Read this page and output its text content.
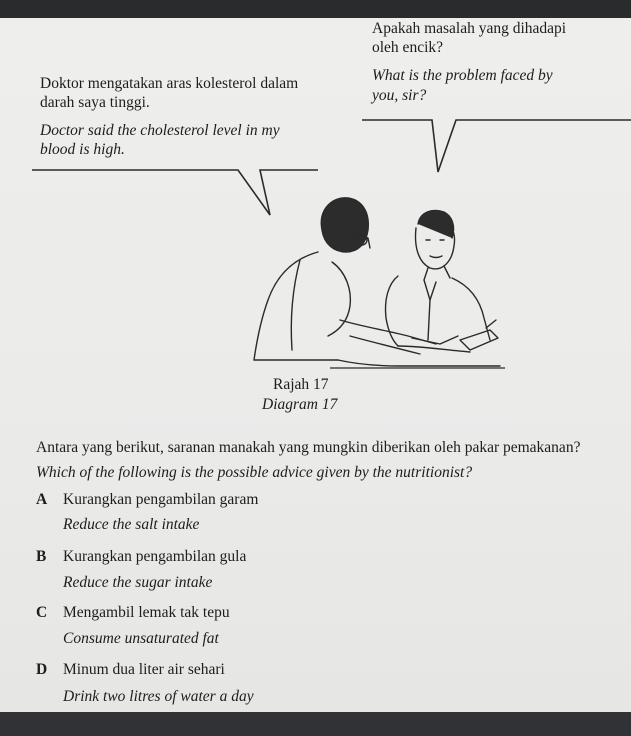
Apakah masalah yang dihadapi
oleh encik?
What is the problem faced by
you, sir?
Doktor mengatakan aras kolesterol dalam
darah saya tinggi.
Doctor said the cholesterol level in my
blood is high.
Rajah 17
Diagram 17
Antara yang berikut, saranan manakah yang mungkin diberikan oleh pakar pemakanan?
Which of the following is the possible advice given by the nutritionist?
A Kurangkan pengambilan garam
Reduce the salt intake
B Kurangkan pengambilan gula
Reduce the sugar intake
C Mengambil lemak tak tepu
Consume unsaturated fat
D Minum dua liter air sehari
Drink two litres of water a day
